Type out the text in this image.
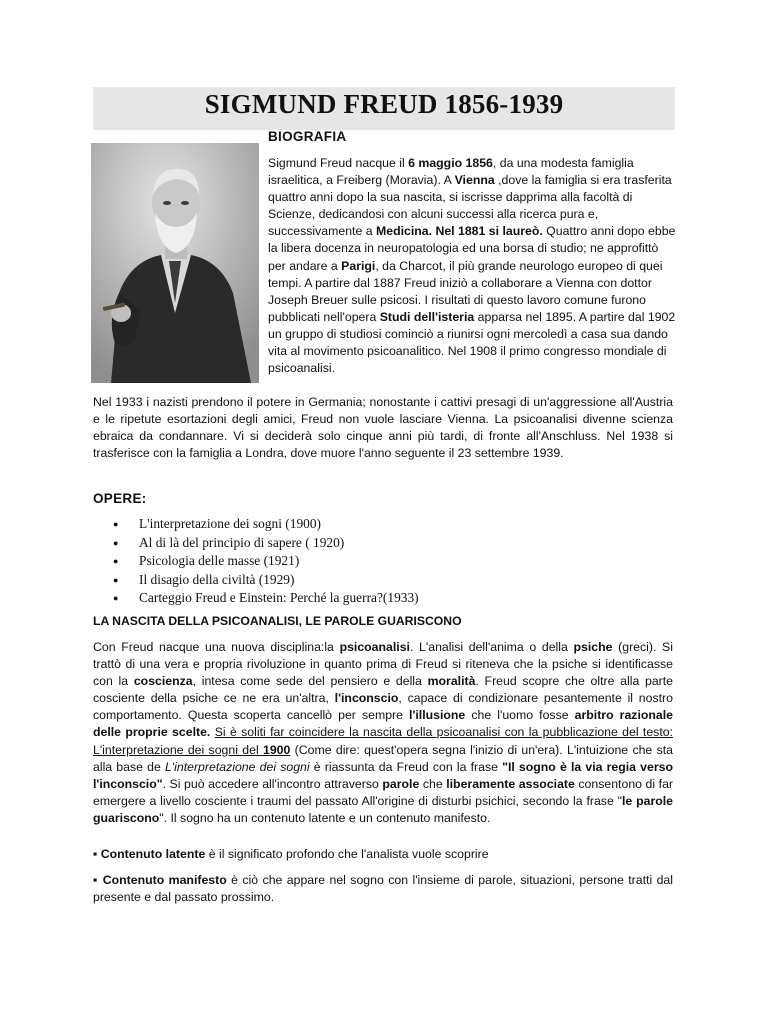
SIGMUND FREUD 1856-1939
BIOGRAFIA
Sigmund Freud nacque il 6 maggio 1856, da una modesta famiglia israelitica, a Freiberg (Moravia). A Vienna ,dove la famiglia si era trasferita quattro anni dopo la sua nascita, si iscrisse dapprima alla facoltà di Scienze, dedicandosi con alcuni successi alla ricerca pura e, successivamente a Medicina. Nel 1881 si laureò. Quattro anni dopo ebbe la libera docenza in neuropatologia ed una borsa di studio; ne approfittò per andare a Parigi, da Charcot, il più grande neurologo europeo di quei tempi. A partire dal 1887 Freud iniziò a collaborare a Vienna con dottor Joseph Breuer sulle psicosi. I risultati di questo lavoro comune furono pubblicati nell'opera Studi dell'isteria apparsa nel 1895. A partire dal 1902 un gruppo di studiosi cominciò a riunirsi ogni mercoledì a casa sua dando vita al movimento psicoanalitico. Nel 1908 il primo congresso mondiale di psicoanalisi.
Nel 1933 i nazisti prendono il potere in Germania; nonostante i cattivi presagi di un'aggressione all'Austria e le ripetute esortazioni degli amici, Freud non vuole lasciare Vienna. La psicoanalisi divenne scienza ebraica da condannare. Vi si deciderà solo cinque anni più tardi, di fronte all'Anschluss. Nel 1938 si trasferisce con la famiglia a Londra, dove muore l'anno seguente il 23 settembre 1939.
OPERE:
● L'interpretazione dei sogni (1900)
● Al di là del principio di sapere ( 1920)
● Psicologia delle masse (1921)
● Il disagio della civiltà (1929)
● Carteggio Freud e Einstein: Perché la guerra?(1933)
LA NASCITA DELLA PSICOANALISI, LE PAROLE GUARISCONO
Con Freud nacque una nuova disciplina:la psicoanalisi. L'analisi dell'anima o della psiche (greci). Si trattò di una vera e propria rivoluzione in quanto prima di Freud si riteneva che la psiche si identificasse con la coscienza, intesa come sede del pensiero e della moralità. Freud scopre che oltre alla parte cosciente della psiche ce ne era un'altra, l'inconscio, capace di condizionare pesantemente il nostro comportamento. Questa scoperta cancellò per sempre l'illusione che l'uomo fosse arbitro razionale delle proprie scelte. Si è soliti far coincidere la nascita della psicoanalisi con la pubblicazione del testo: L'interpretazione dei sogni del 1900 (Come dire: quest'opera segna l'inizio di un'era). L'intuizione che sta alla base de L'interpretazione dei sogni è riassunta da Freud con la frase "Il sogno è la via regia verso l'inconscio". Si può accedere all'incontro attraverso parole che liberamente associate consentono di far emergere a livello cosciente i traumi del passato All'origine di disturbi psichici, secondo la frase "le parole guariscono". Il sogno ha un contenuto latente e un contenuto manifesto.
▪ Contenuto latente è il significato profondo che l'analista vuole scoprire
▪ Contenuto manifesto è ciò che appare nel sogno con l'insieme di parole, situazioni, persone tratti dal presente e dal passato prossimo.
